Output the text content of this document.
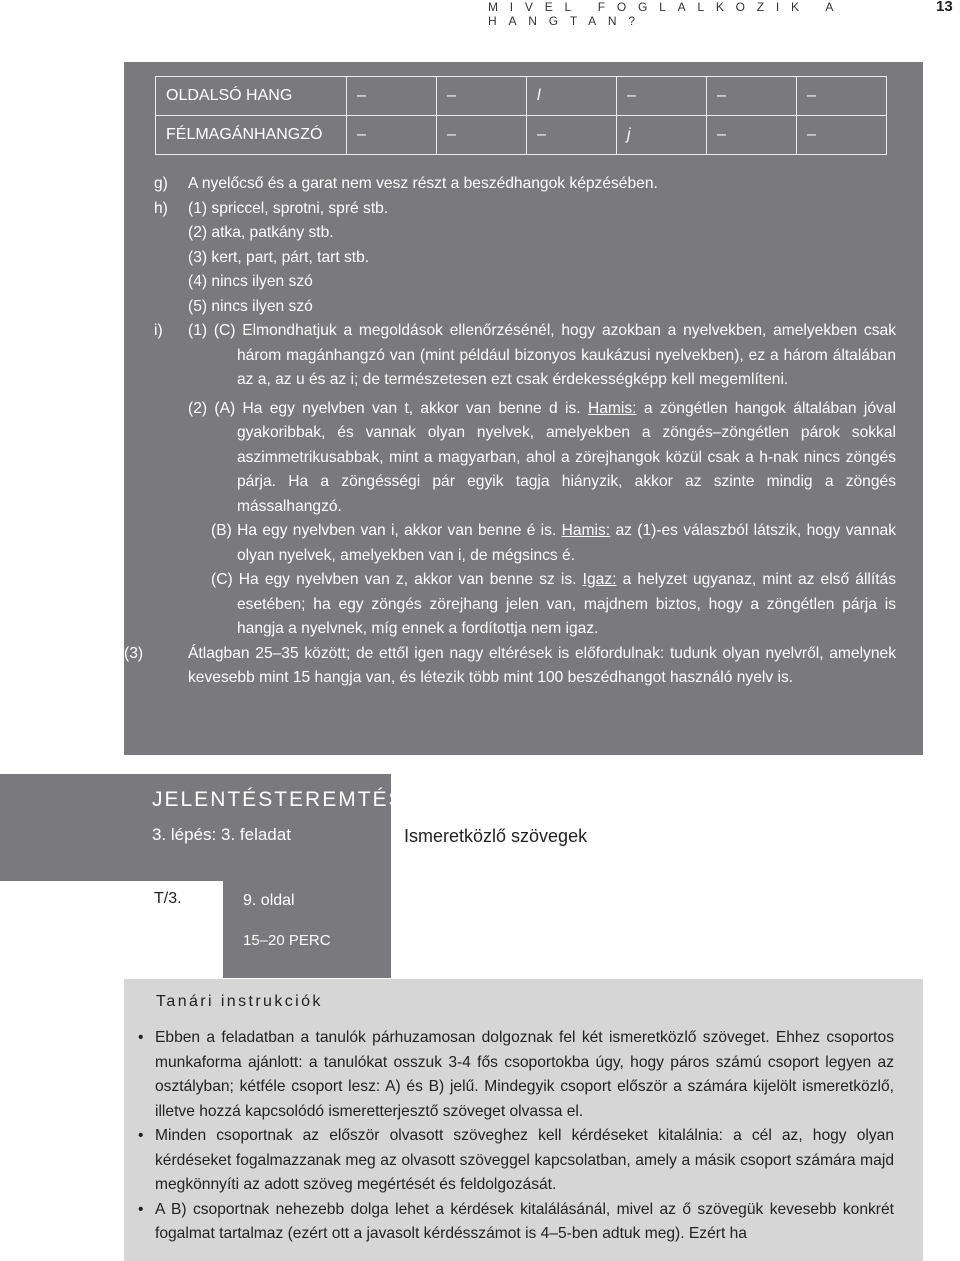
MIVEL FOGLALKOZIK A HANGTAN?
13
OLDALSÓ HANG	–	–	l	–	–	–
FÉLMAGÁNHANGZÓ	–	–	–	j	–	–
g)	A nyelőcső és a garat nem vesz részt a beszédhangok képzésében.
h)	(1) spriccel, sprotni, spré stb.
(2) atka, patkány stb.
(3) kert, part, párt, tart stb.
(4) nincs ilyen szó
(5) nincs ilyen szó
i)	(1) (C) Elmondhatjuk a megoldások ellenőrzésénél, hogy azokban a nyelvekben, amelyekben csak három magánhangzó van (mint például bizonyos kaukázusi nyelvekben), ez a három általában az a, az u és az i; de természetesen ezt csak érdekességképp kell megemlíteni.
(2) (A) Ha egy nyelvben van t, akkor van benne d is. Hamis: a zöngétlen hangok általában jóval gyakoribbak, és vannak olyan nyelvek, amelyekben a zöngés–zöngétlen párok sokkal aszimmetrikusabbak, mint a magyarban, ahol a zörejhangok közül csak a h-nak nincs zöngés párja. Ha a zöngésségi pár egyik tagja hiányzik, akkor az szinte mindig a zöngés mássalhangzó.
(B) Ha egy nyelvben van i, akkor van benne é is. Hamis: az (1)-es válaszból látszik, hogy vannak olyan nyelvek, amelyekben van i, de mégsincs é.
(C) Ha egy nyelvben van z, akkor van benne sz is. Igaz: a helyzet ugyanaz, mint az első állítás esetében; ha egy zöngés zörejhang jelen van, majdnem biztos, hogy a zöngétlen párja is hangja a nyelvnek, míg ennek a fordítottja nem igaz.
(3)	Átlagban 25–35 között; de ettől igen nagy eltérések is előfordulnak: tudunk olyan nyelvről, amelynek kevesebb mint 15 hangja van, és létezik több mint 100 beszédhangot használó nyelv is.
JELENTÉSTEREMTÉS
3. lépés: 3. feladat	Ismeretközlő szövegek
T/3.	9. oldal
15–20 PERC
Tanári instrukciók
• Ebben a feladatban a tanulók párhuzamosan dolgoznak fel két ismeretközlő szöveget. Ehhez csoportos munkaforma ajánlott: a tanulókat osszuk 3-4 fős csoportokba úgy, hogy páros számú csoport legyen az osztályban; kétféle csoport lesz: A) és B) jelű. Mindegyik csoport először a számára kijelölt ismeretközlő, illetve hozzá kapcsolódó ismeretterjesztő szöveget olvassa el.
• Minden csoportnak az először olvasott szöveghez kell kérdéseket kitalálnia: a cél az, hogy olyan kérdéseket fogalmazzanak meg az olvasott szöveggel kapcsolatban, amely a másik csoport számára majd megkönnyíti az adott szöveg megértését és feldolgozását.
• A B) csoportnak nehezebb dolga lehet a kérdések kitalálásánál, mivel az ő szövegük kevesebb konkrét fogalmat tartalmaz (ezért ott a javasolt kérdésszámot is 4–5-ben adtuk meg). Ezért ha
